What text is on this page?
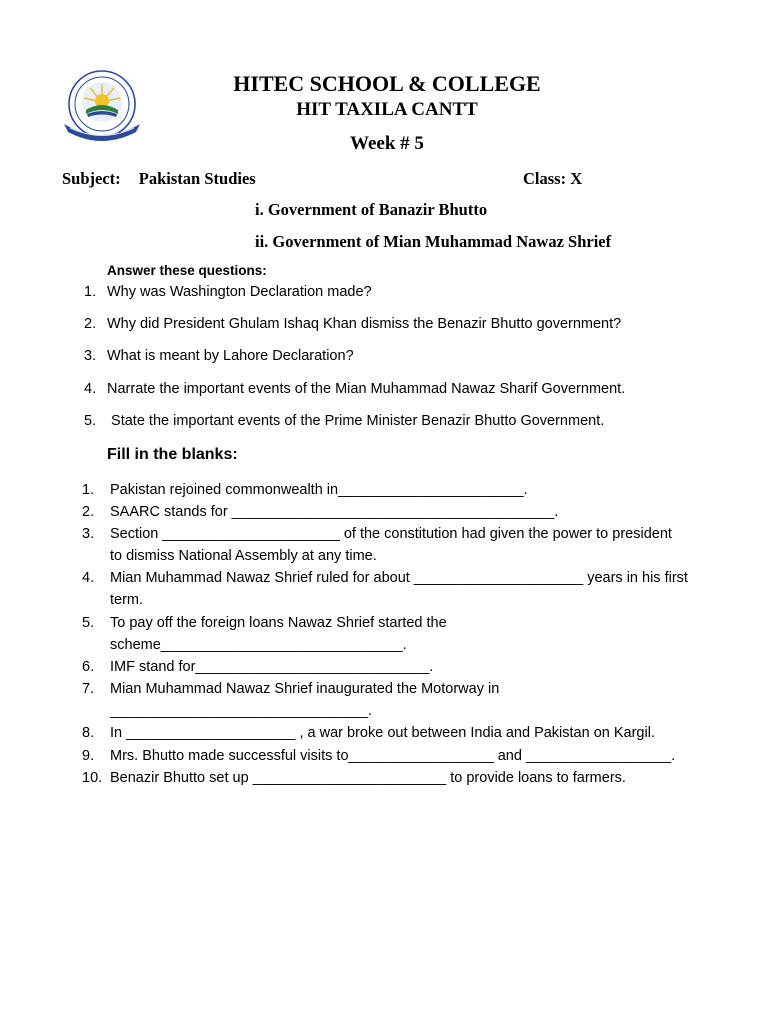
HITEC SCHOOL & COLLEGE
HIT TAXILA CANTT
Week # 5
Subject: Pakistan Studies	Class: X
i. Government of Banazir Bhutto
ii. Government of Mian Muhammad Nawaz Shrief
Answer these questions:
1. Why was Washington Declaration made?
2. Why did President Ghulam Ishaq Khan dismiss the Benazir Bhutto government?
3. What is meant by Lahore Declaration?
4. Narrate the important events of the Mian Muhammad Nawaz Sharif Government.
5. State the important events of the Prime Minister Benazir Bhutto Government.
Fill in the blanks:
1.	Pakistan rejoined commonwealth in_______________________.
2.	SAARC stands for ________________________________________.
3.	Section ______________________ of the constitution had given the power to president
to dismiss National Assembly at any time.
4.	Mian Muhammad Nawaz Shrief ruled for about _____________________ years in his first
term.
5.	To pay off the foreign loans Nawaz Shrief started the
scheme______________________________.
6.	IMF stand for_____________________________.
7.	Mian Muhammad Nawaz Shrief inaugurated the Motorway in
________________________________.
8.	In _____________________ , a war broke out between India and Pakistan on Kargil.
9.	Mrs. Bhutto made successful visits to__________________ and __________________.
10. Benazir Bhutto set up ________________________ to provide loans to farmers.
